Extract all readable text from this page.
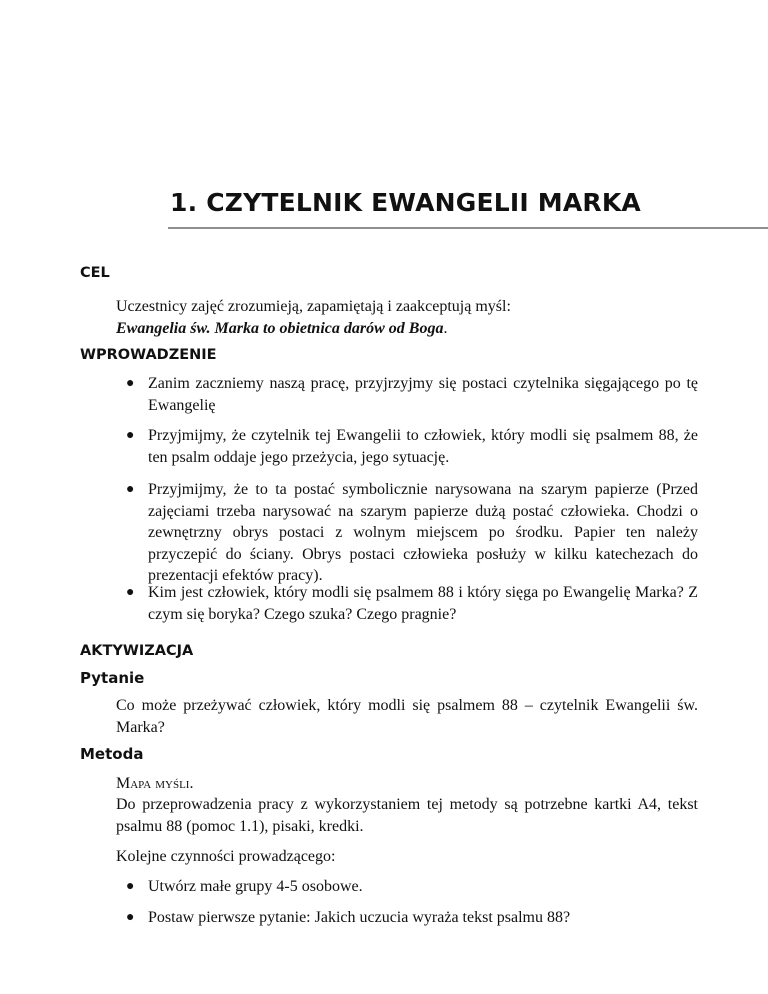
1. CZYTELNIK EWANGELII MARKA
CEL

Uczestnicy zajęć zrozumieją, zapamiętają i zaakceptują myśl:
Ewangelia św. Marka to obietnica darów od Boga.

WPROWADZENIE
● Zanim zaczniemy naszą pracę, przyjrzyjmy się postaci czytelnika sięgającego po tę Ewangelię
● Przyjmijmy, że czytelnik tej Ewangelii to człowiek, który modli się psalmem 88, że ten psalm oddaje jego przeżycia, jego sytuację.
● Przyjmijmy, że to ta postać symbolicznie narysowana na szarym papierze (Przed zajęciami trzeba narysować na szarym papierze dużą postać człowieka. Chodzi o zewnętrzny obrys postaci z wolnym miejscem po środku. Papier ten należy przyczepić do ściany. Obrys postaci człowieka posłuży w kilku katechezach do prezentacji efektów pracy).
● Kim jest człowiek, który modli się psalmem 88 i który sięga po Ewangelię Marka? Z czym się boryka? Czego szuka? Czego pragnie?
AKTYWIZACJA
Pytanie

Co może przeżywać człowiek, który modli się psalmem 88 – czytelnik Ewangelii św. Marka?

Metoda

Mapa myśli.

Do przeprowadzenia pracy z wykorzystaniem tej metody są potrzebne kartki A4, tekst psalmu 88 (pomoc 1.1), pisaki, kredki.

Kolejne czynności prowadzącego:

● Utwórz małe grupy 4-5 osobowe.
● Postaw pierwsze pytanie: Jakich uczucia wyraża tekst psalmu 88?
